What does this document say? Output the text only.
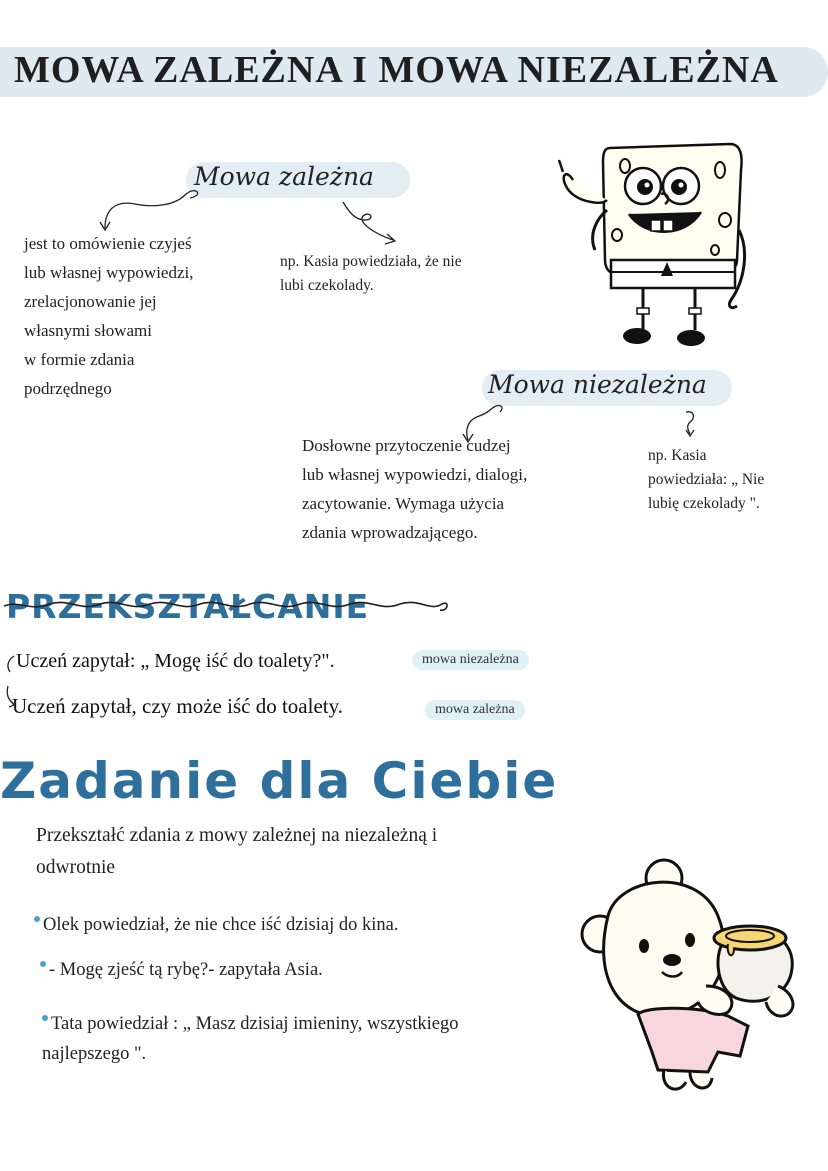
MOWA ZALEŻNA I MOWA NIEZALEŻNA
Mowa zależna
jest to omówienie czyjeś
lub własnej wypowiedzi,
zrelacjonowanie jej
własnymi słowami
w formie zdania
podrzędnego
np. Kasia powiedziała, że nie
lubi czekolady.
Mowa niezależna
Dosłowne przytoczenie cudzej
lub własnej wypowiedzi, dialogi,
zacytowanie. Wymaga użycia
zdania wprowadzającego.
np. Kasia
powiedziała: „ Nie
lubię czekolady ".
PRZEKSZTAŁCANIE
Uczeń zapytał: „ Mogę iść do toalety?".	mowa niezależna
Uczeń zapytał, czy może iść do toalety.	mowa zależna
Zadanie dla Ciebie
Przekształć zdania z mowy zależnej na niezależną i
odwrotnie
Olek powiedział, że nie chce iść dzisiaj do kina.
- Mogę zjeść tą rybę?- zapytała Asia.
Tata powiedział : „ Masz dzisiaj imieniny, wszystkiego
najlepszego ".
